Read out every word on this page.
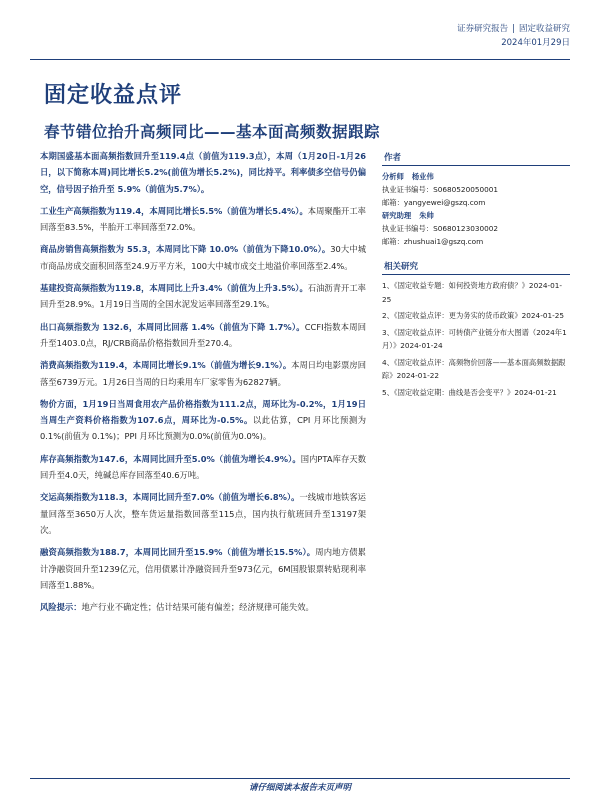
证券研究报告 | 固定收益研究
2024年01月29日
固定收益点评
春节错位抬升高频同比——基本面高频数据跟踪

本期国盛基本面高频指数回升至119.4点（前值为119.3点），本周（1月20日-1月26日，以下简称本周)同比增长5.2%(前值为增长5.2%)，同比持平。利率债多空信号仍偏空，信号因子抬升至 5.9%（前值为5.7%）。

工业生产高频指数为119.4，本周同比增长5.5%（前值为增长5.4%）。本周聚酯开工率回落至83.5%，半胎开工率回落至72.0%。

商品房销售高频指数为 55.3，本周同比下降 10.0%（前值为下降10.0%）。30大中城市商品房成交面积回落至24.9万平方米，100大中城市成交土地溢价率回落至2.4%。

基建投资高频指数为119.8，本周同比上升3.4%（前值为上升3.5%）。石油沥青开工率回升至28.9%。1月19日当周的全国水泥发运率回落至29.1%。

出口高频指数为 132.6，本周同比回落 1.4%（前值为下降 1.7%）。CCFI指数本周回升至1403.0点，RJ/CRB商品价格指数回升至270.4。

消费高频指数为119.4，本周同比增长9.1%（前值为增长9.1%）。本周日均电影票房回落至6739万元。1月26日当周的日均乘用车厂家零售为62827辆。

物价方面，1月19日当周食用农产品价格指数为111.2点，周环比为-0.2%，1月19日当周生产资料价格指数为107.6点，周环比为-0.5%。以此估算，CPI 月环比预测为 0.1%(前值为 0.1%)；PPI 月环比预测为0.0%(前值为0.0%)。

库存高频指数为147.6，本周同比回升至5.0%（前值为增长4.9%）。国内PTA库存天数回升至4.0天，纯碱总库存回落至40.6万吨。

交运高频指数为118.3，本周同比回升至7.0%（前值为增长6.8%）。一线城市地铁客运量回落至3650万人次，整车货运量指数回落至115点，国内执行航班回升至13197架次。

融资高频指数为188.7，本周同比回升至15.9%（前值为增长15.5%）。周内地方债累计净融资回升至1239亿元，信用债累计净融资回升至973亿元，6M国股银票转贴现利率回落至1.88%。

风险提示：地产行业不确定性；估计结果可能有偏差；经济规律可能失效。

作者
分析师 杨业伟
执业证书编号：S0680520050001
邮箱：yangyewei@gszq.com
研究助理 朱帅
执业证书编号：S0680123030002
邮箱：zhushuai1@gszq.com
相关研究
1、《固定收益专题：如何投资地方政府债？》2024-01-25
2、《固定收益点评：更为务实的货币政策》2024-01-25
3、《固定收益点评：可转债产业链分布大图谱（2024年1月）》2024-01-24
4、《固定收益点评：高频物价回落——基本面高频数据跟踪》2024-01-22
5、《固定收益定期：曲线是否会变平？》2024-01-21
请仔细阅读本报告末页声明
